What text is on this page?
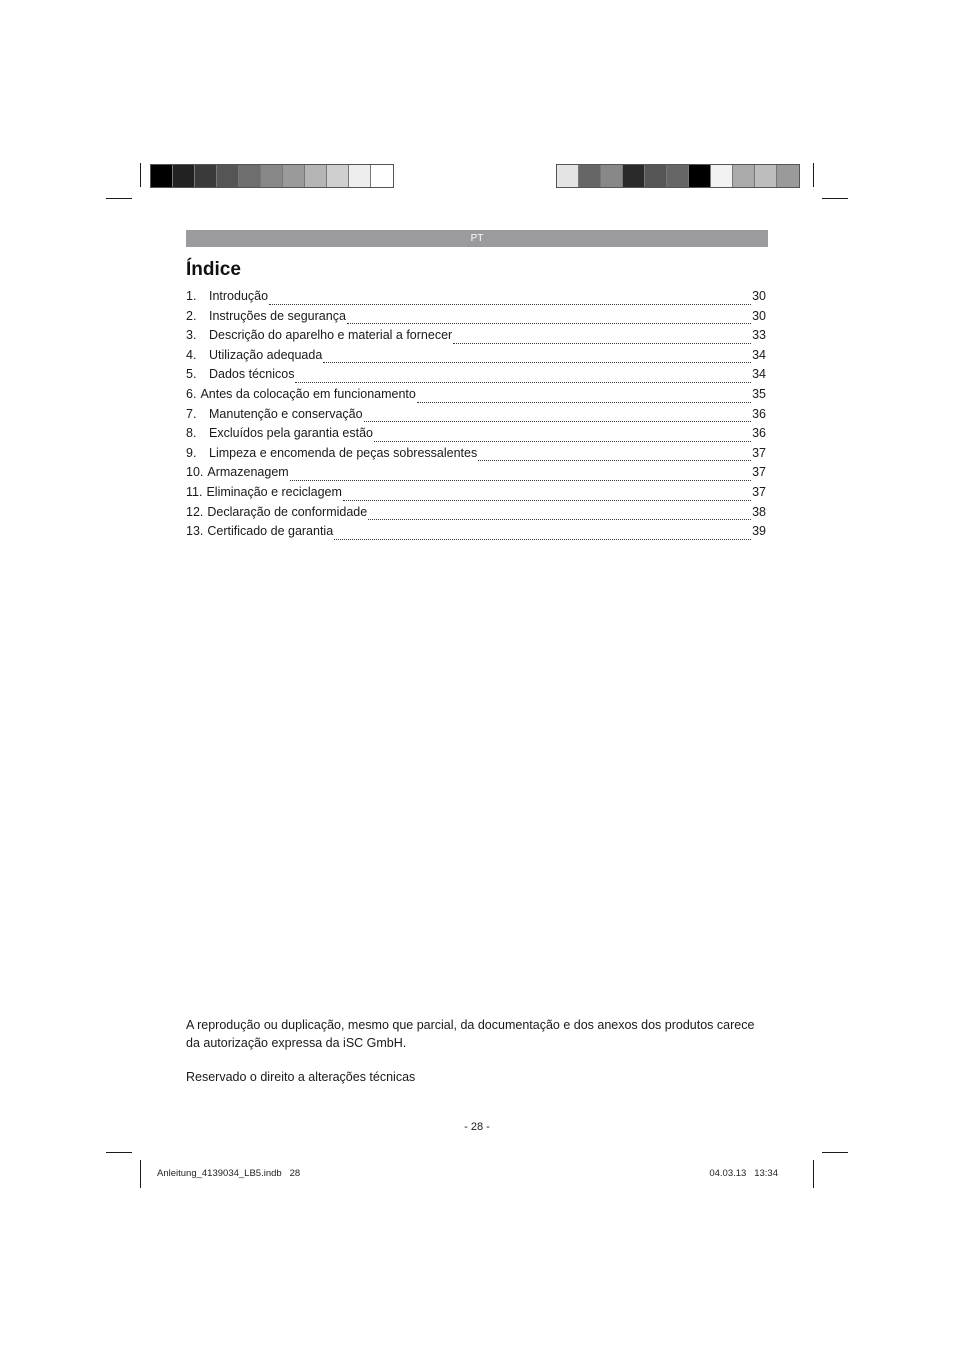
PT
Índice
1.	Introdução	30
2.	Instruções de segurança	30
3.	Descrição do aparelho e material a fornecer	33
4.	Utilização adequada	34
5.	Dados técnicos	34
6. Antes da colocação em funcionamento	35
7.	Manutenção e conservação	36
8.	Excluídos pela garantia estão	36
9.	Limpeza e encomenda de peças sobressalentes	37
10. Armazenagem	37
11. Eliminação e reciclagem	37
12. Declaração de conformidade	38
13. Certificado de garantia	39

A reprodução ou duplicação, mesmo que parcial, da documentação e dos anexos dos produtos carece da autorização expressa da iSC GmbH.

Reservado o direito a alterações técnicas

- 28 -
Anleitung_4139034_LB5.indb   28	04.03.13   13:34
